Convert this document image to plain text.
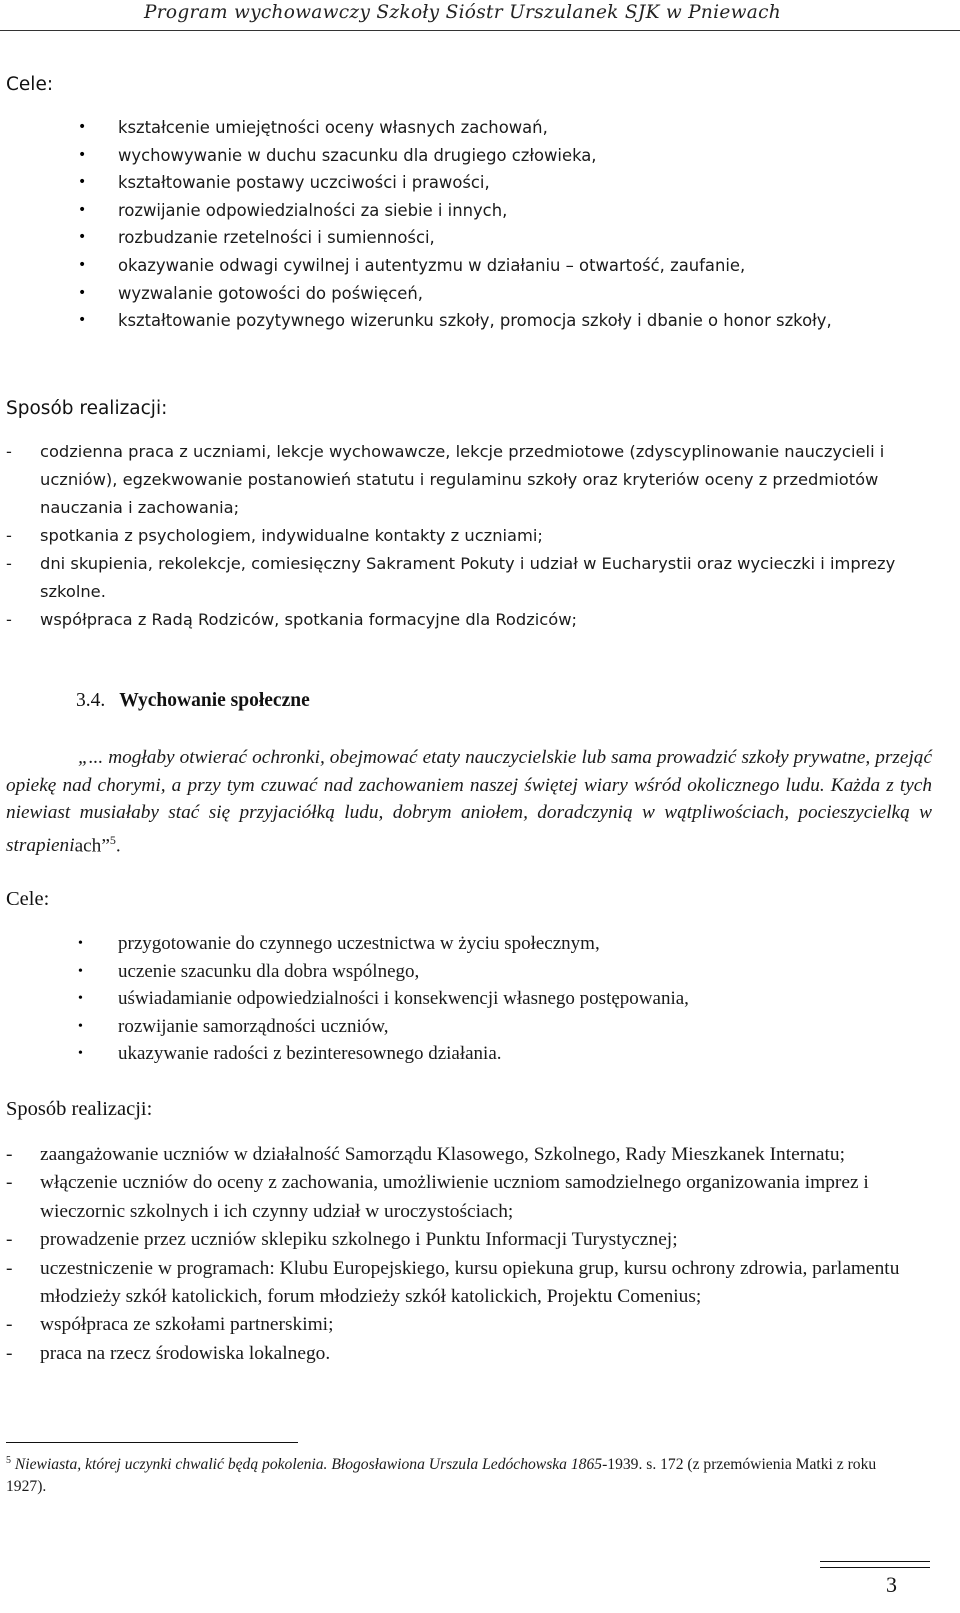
Program wychowawczy Szkoły Sióstr Urszulanek SJK w Pniewach
Cele:
• kształcenie umiejętności oceny własnych zachowań,
• wychowywanie w duchu szacunku dla drugiego człowieka,
• kształtowanie postawy uczciwości i prawości,
• rozwijanie odpowiedzialności za siebie i innych,
• rozbudzanie rzetelności i sumienności,
• okazywanie odwagi cywilnej i autentyzmu w działaniu – otwartość, zaufanie,
• wyzwalanie gotowości do poświęceń,
• kształtowanie pozytywnego wizerunku szkoły, promocja szkoły i dbanie o honor szkoły,
Sposób realizacji:
- codzienna praca z uczniami, lekcje wychowawcze, lekcje przedmiotowe (zdyscyplinowanie nauczycieli i uczniów), egzekwowanie postanowień statutu i regulaminu szkoły oraz kryteriów oceny z przedmiotów nauczania i zachowania;
- spotkania z psychologiem, indywidualne kontakty z uczniami;
- dni skupienia, rekolekcje, comiesięczny Sakrament Pokuty i udział w Eucharystii oraz wycieczki i imprezy szkolne.
- współpraca z Radą Rodziców, spotkania formacyjne dla Rodziców;
3.4. Wychowanie społeczne

„... mogłaby otwierać ochronki, obejmować etaty nauczycielskie lub sama prowadzić szkoły prywatne, przejąć opiekę nad chorymi, a przy tym czuwać nad zachowaniem naszej świętej wiary wśród okolicznego ludu. Każda z tych niewiast musiałaby stać się przyjaciółką ludu, dobrym aniołem, doradczynią w wątpliwościach, pocieszycielką w strapieniach”$^5$.

Cele:
• przygotowanie do czynnego uczestnictwa w życiu społecznym,
• uczenie szacunku dla dobra wspólnego,
• uświadamianie odpowiedzialności i konsekwencji własnego postępowania,
• rozwijanie samorządności uczniów,
• ukazywanie radości z bezinteresownego działania.
Sposób realizacji:
- zaangażowanie uczniów w działalność Samorządu Klasowego, Szkolnego, Rady Mieszkanek Internatu;
- włączenie uczniów do oceny z zachowania, umożliwienie uczniom samodzielnego organizowania imprez i wieczornic szkolnych i ich czynny udział w uroczystościach;
- prowadzenie przez uczniów sklepiku szkolnego i Punktu Informacji Turystycznej;
- uczestniczenie w programach: Klubu Europejskiego, kursu opiekuna grup, kursu ochrony zdrowia, parlamentu młodzieży szkół katolickich, forum młodzieży szkół katolickich, Projektu Comenius;
- współpraca ze szkołami partnerskimi;
- praca na rzecz środowiska lokalnego.
$^5$ Niewiasta, której uczynki chwalić będą pokolenia. Błogosławiona Urszula Ledóchowska 1865-1939. s. 172 (z przemówienia Matki z roku 1927).
3
